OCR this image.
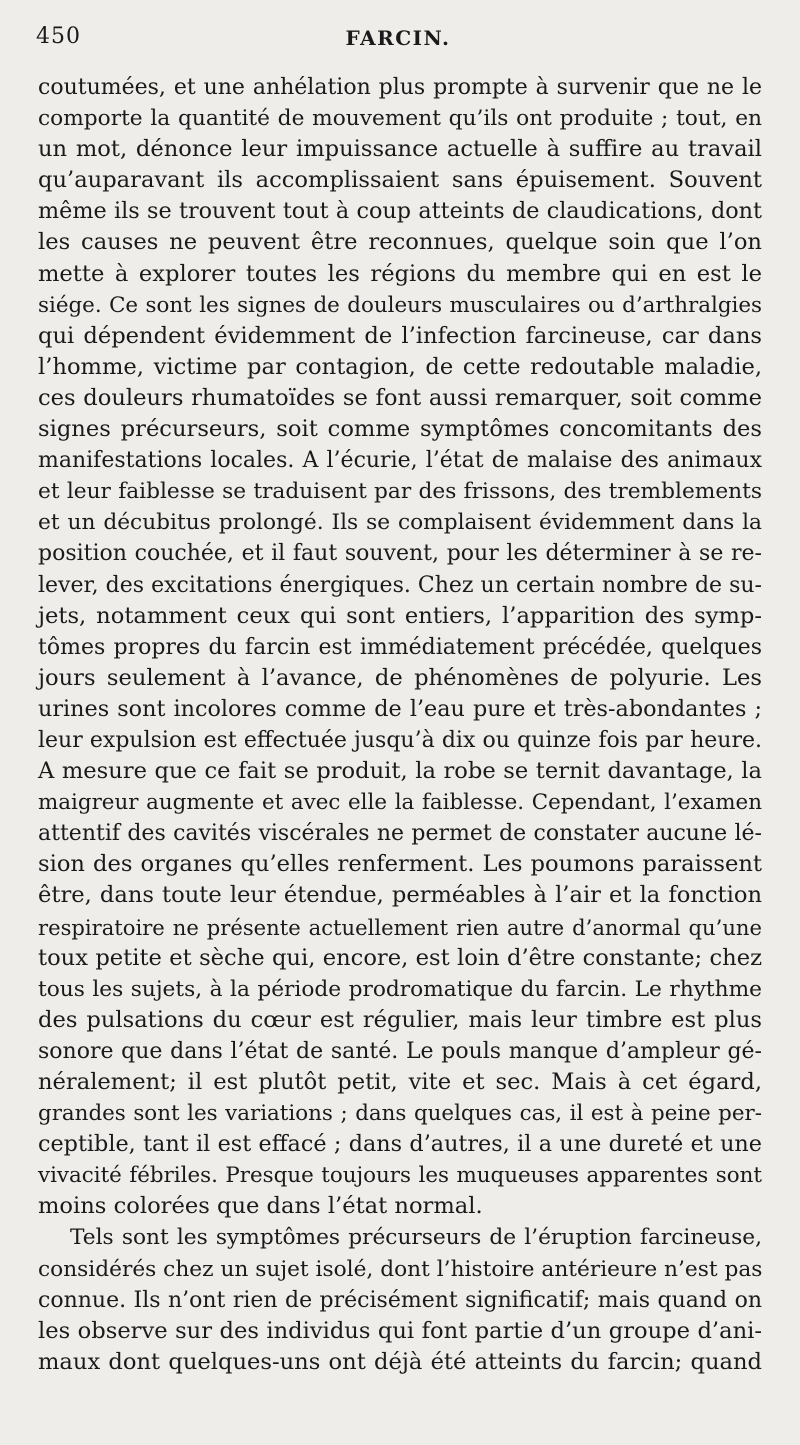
450	FARCIN.
coutumées, et une anhélation plus prompte à survenir que ne le
comporte la quantité de mouvement qu’ils ont produite ; tout, en
un mot, dénonce leur impuissance actuelle à suffire au travail
qu’auparavant ils accomplissaient sans épuisement. Souvent
même ils se trouvent tout à coup atteints de claudications, dont
les causes ne peuvent être reconnues, quelque soin que l’on
mette à explorer toutes les régions du membre qui en est le
siége. Ce sont les signes de douleurs musculaires ou d’arthralgies
qui dépendent évidemment de l’infection farcineuse, car dans
l’homme, victime par contagion, de cette redoutable maladie,
ces douleurs rhumatoïdes se font aussi remarquer, soit comme
signes précurseurs, soit comme symptômes concomitants des
manifestations locales. A l’écurie, l’état de malaise des animaux
et leur faiblesse se traduisent par des frissons, des tremblements
et un décubitus prolongé. Ils se complaisent évidemment dans la
position couchée, et il faut souvent, pour les déterminer à se re-
lever, des excitations énergiques. Chez un certain nombre de su-
jets, notamment ceux qui sont entiers, l’apparition des symp-
tômes propres du farcin est immédiatement précédée, quelques
jours seulement à l’avance, de phénomènes de polyurie. Les
urines sont incolores comme de l’eau pure et très-abondantes ;
leur expulsion est effectuée jusqu’à dix ou quinze fois par heure.
A mesure que ce fait se produit, la robe se ternit davantage, la
maigreur augmente et avec elle la faiblesse. Cependant, l’examen
attentif des cavités viscérales ne permet de constater aucune lé-
sion des organes qu’elles renferment. Les poumons paraissent
être, dans toute leur étendue, perméables à l’air et la fonction
respiratoire ne présente actuellement rien autre d’anormal qu’une
toux petite et sèche qui, encore, est loin d’être constante; chez
tous les sujets, à la période prodromatique du farcin. Le rhythme
des pulsations du cœur est régulier, mais leur timbre est plus
sonore que dans l’état de santé. Le pouls manque d’ampleur gé-
néralement; il est plutôt petit, vite et sec. Mais à cet égard,
grandes sont les variations ; dans quelques cas, il est à peine per-
ceptible, tant il est effacé ; dans d’autres, il a une dureté et une
vivacité fébriles. Presque toujours les muqueuses apparentes sont
moins colorées que dans l’état normal.
Tels sont les symptômes précurseurs de l’éruption farcineuse,
considérés chez un sujet isolé, dont l’histoire antérieure n’est pas
connue. Ils n’ont rien de précisément significatif; mais quand on
les observe sur des individus qui font partie d’un groupe d’ani-
maux dont quelques-uns ont déjà été atteints du farcin; quand
